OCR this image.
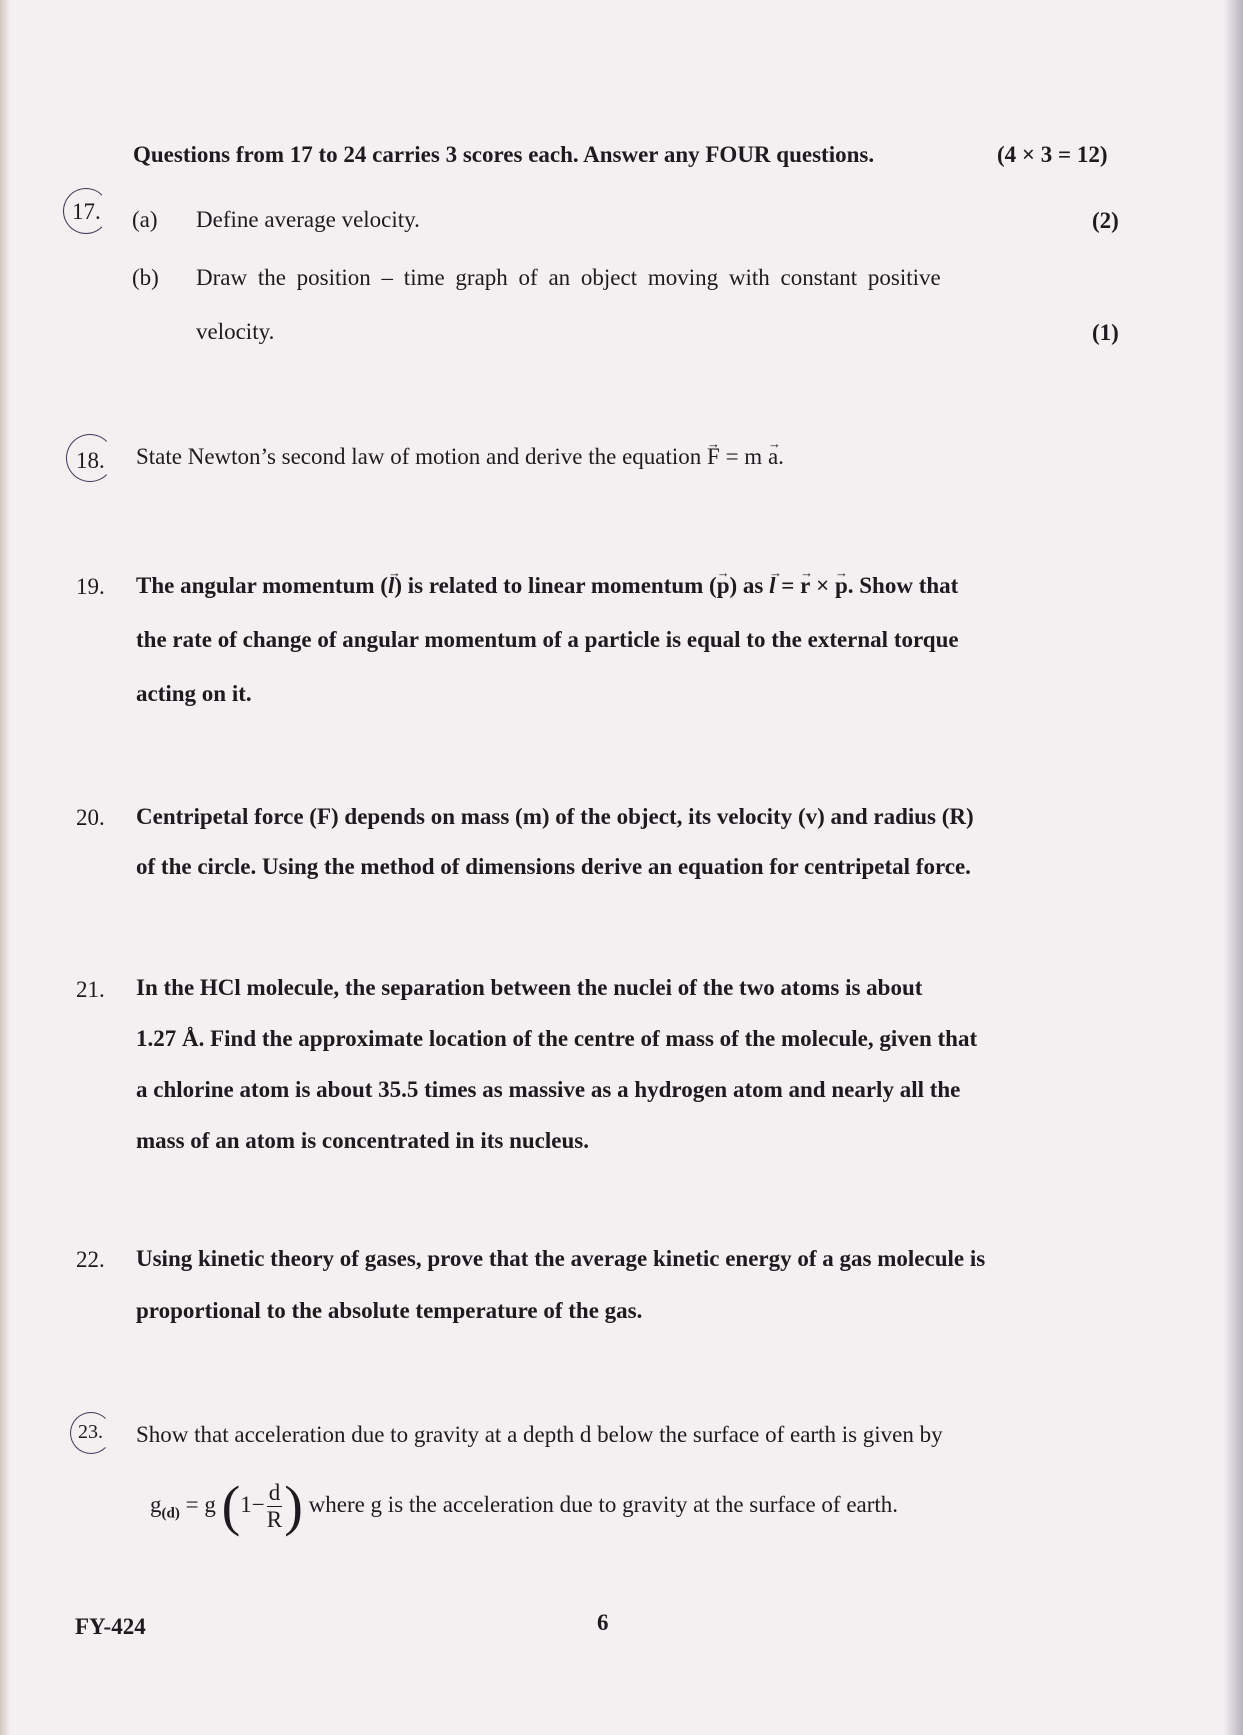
Questions from 17 to 24 carries 3 scores each. Answer any FOUR questions.	(4 × 3 = 12)
17. (a) Define average velocity.	(2)
(b) Draw the position – time graph of an object moving with constant positive
velocity.	(1)
18. State Newton’s second law of motion and derive the equation → F = m → a.
19. The angular momentum (→ l) is related to linear momentum (→ p) as → l = → r × → p. Show that
the rate of change of angular momentum of a particle is equal to the external torque
acting on it.
20. Centripetal force (F) depends on mass (m) of the object, its velocity (v) and radius (R)
of the circle. Using the method of dimensions derive an equation for centripetal force.
21. In the HCl molecule, the separation between the nuclei of the two atoms is about
1.27 Å. Find the approximate location of the centre of mass of the molecule, given that
a chlorine atom is about 35.5 times as massive as a hydrogen atom and nearly all the
mass of an atom is concentrated in its nucleus.
22. Using kinetic theory of gases, prove that the average kinetic energy of a gas molecule is
proportional to the absolute temperature of the gas.
23. Show that acceleration due to gravity at a depth d below the surface of earth is given by
$g_{(d)} = g$ ($1- \frac{d}{R}$ ) where g is the acceleration due to gravity at the surface of earth.
FY-424	6
